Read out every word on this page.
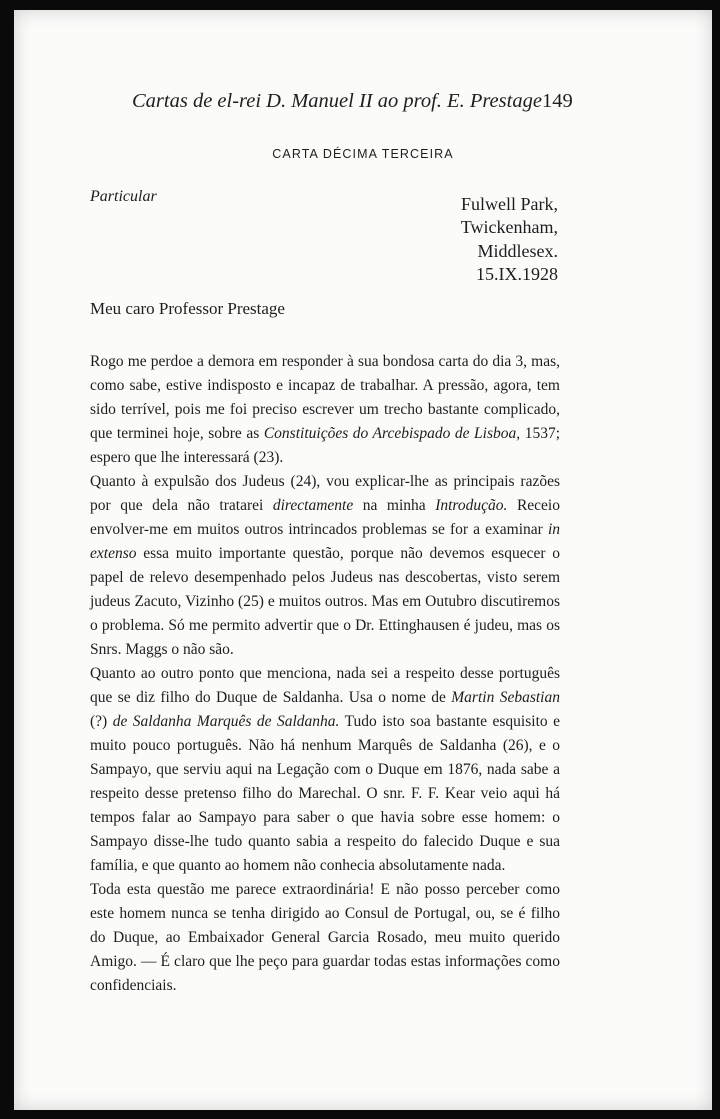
Cartas de el-rei D. Manuel II ao prof. E. Prestage 149
CARTA DÉCIMA TERCEIRA
Particular	Fulwell Park,
Twickenham,
Middlesex.
15.IX.1928
Meu caro Professor Prestage

Rogo me perdoe a demora em responder à sua bondosa carta do dia 3, mas, como sabe, estive indisposto e incapaz de trabalhar. A pressão, agora, tem sido terrível, pois me foi preciso escrever um trecho bastante complicado, que terminei hoje, sobre as Constituições do Arcebispado de Lisboa, 1537; espero que lhe interessará (23).

Quanto à expulsão dos Judeus (24), vou explicar-lhe as principais razões por que dela não tratarei directamente na minha Introdução. Receio envolver-me em muitos outros intrincados problemas se for a examinar in extenso essa muito importante questão, porque não devemos esquecer o papel de relevo desempenhado pelos Judeus nas descobertas, visto serem judeus Zacuto, Vizinho (25) e muitos outros. Mas em Outubro discutiremos o problema. Só me permito advertir que o Dr. Ettinghausen é judeu, mas os Snrs. Maggs o não são.

Quanto ao outro ponto que menciona, nada sei a respeito desse português que se diz filho do Duque de Saldanha. Usa o nome de Martin Sebastian (?) de Saldanha Marquês de Saldanha. Tudo isto soa bastante esquisito e muito pouco português. Não há nenhum Marquês de Saldanha (26), e o Sampayo, que serviu aqui na Legação com o Duque em 1876, nada sabe a respeito desse pretenso filho do Marechal. O snr. F. F. Kear veio aqui há tempos falar ao Sampayo para saber o que havia sobre esse homem: o Sampayo disse-lhe tudo quanto sabia a respeito do falecido Duque e sua família, e que quanto ao homem não conhecia absolutamente nada.

Toda esta questão me parece extraordinária! E não posso perceber como este homem nunca se tenha dirigido ao Consul de Portugal, ou, se é filho do Duque, ao Embaixador General Garcia Rosado, meu muito querido Amigo. — É claro que lhe peço para guardar todas estas informações como confidenciais.
